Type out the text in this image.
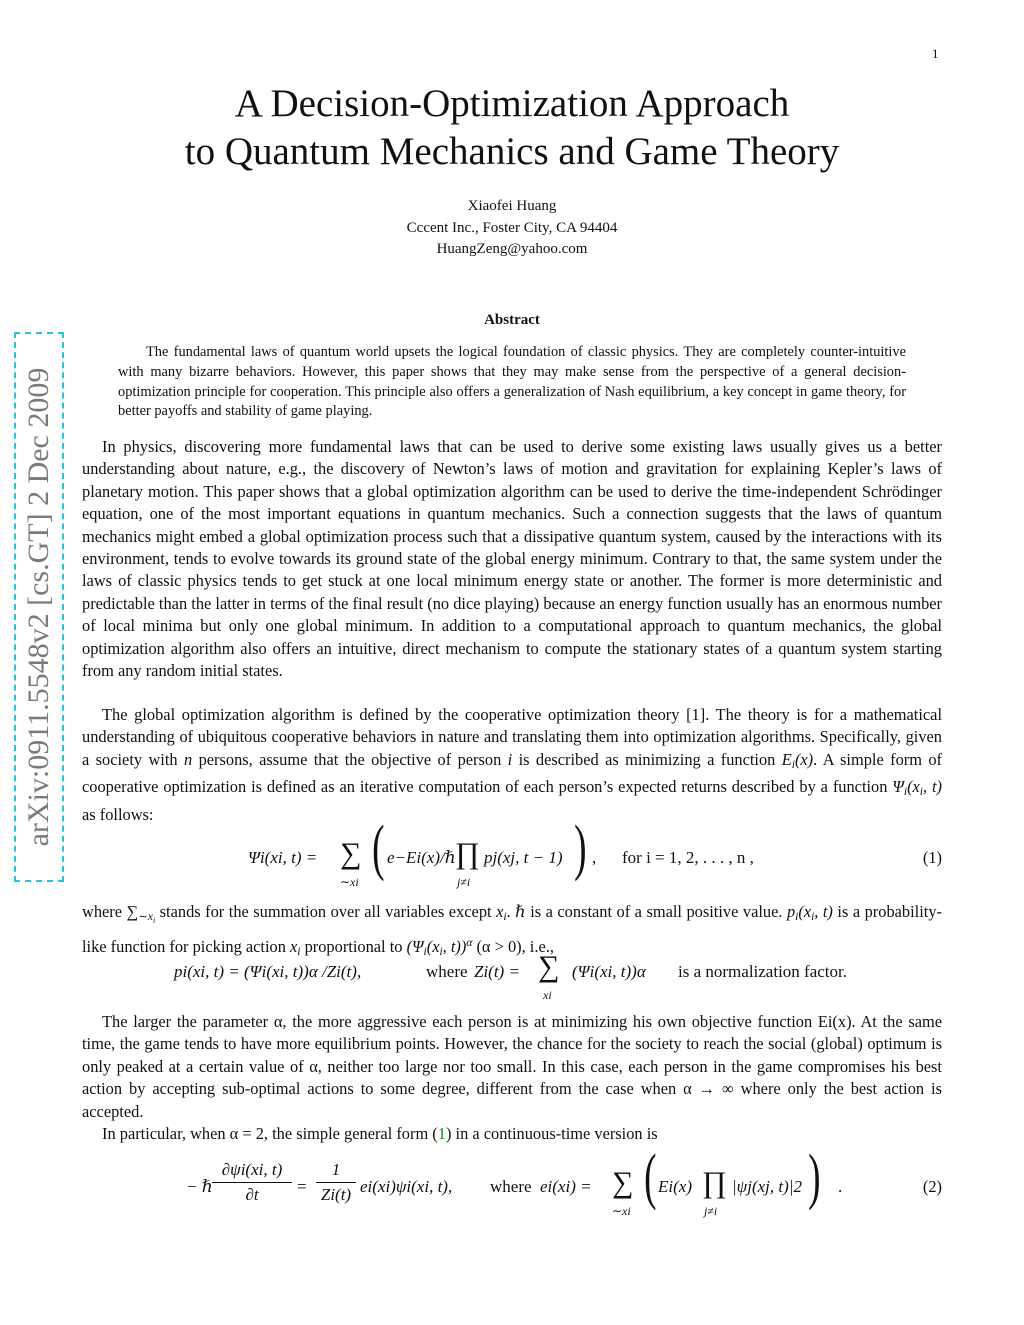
1
arXiv:0911.5548v2 [cs.GT] 2 Dec 2009
A Decision-Optimization Approach
to Quantum Mechanics and Game Theory
Xiaofei Huang
Cccent Inc., Foster City, CA 94404
HuangZeng@yahoo.com
Abstract

The fundamental laws of quantum world upsets the logical foundation of classic physics. They are completely counter-intuitive with many bizarre behaviors. However, this paper shows that they may make sense from the perspective of a general decision-optimization principle for cooperation. This principle also offers a generalization of Nash equilibrium, a key concept in game theory, for better payoffs and stability of game playing.

In physics, discovering more fundamental laws that can be used to derive some existing laws usually gives us a better understanding about nature, e.g., the discovery of Newton’s laws of motion and gravitation for explaining Kepler’s laws of planetary motion. This paper shows that a global optimization algorithm can be used to derive the time-independent Schrödinger equation, one of the most important equations in quantum mechanics. Such a connection suggests that the laws of quantum mechanics might embed a global optimization process such that a dissipative quantum system, caused by the interactions with its environment, tends to evolve towards its ground state of the global energy minimum. Contrary to that, the same system under the laws of classic physics tends to get stuck at one local minimum energy state or another. The former is more deterministic and predictable than the latter in terms of the final result (no dice playing) because an energy function usually has an enormous number of local minima but only one global minimum. In addition to a computational approach to quantum mechanics, the global optimization algorithm also offers an intuitive, direct mechanism to compute the stationary states of a quantum system starting from any random initial states.

The global optimization algorithm is defined by the cooperative optimization theory [1]. The theory is for a mathematical understanding of ubiquitous cooperative behaviors in nature and translating them into optimization algorithms. Specifically, given a society with n persons, assume that the objective of person i is described as minimizing a function $E_i(x)$. A simple form of cooperative optimization is defined as an iterative computation of each person’s expected returns described by a function $\Psi_i(x_i$, t) as follows:

Ψi(xi, t) = ∑
∼xi ( e−Ei(x)/ℏ ∏
j≠i
pj(xj, t − 1) ) , for i = 1, 2, . . . , n ,	(1)

where $\sum_{\sim x_i}$ stands for the summation over all variables except $x_i$. ℏ is a constant of a small positive value. $p_i(x_i$, t) is a probability-like function for picking action $x_i$ proportional to ($\Psi_i(x_i$, t))$^\alpha$ (α > 0), i.e.,

pi(xi, t) = (Ψi(xi, t))α /Zi(t),	where Zi(t) = ∑
xi
(Ψi(xi, t))α is a normalization factor.

The larger the parameter α, the more aggressive each person is at minimizing his own objective function Ei(x). At the same time, the game tends to have more equilibrium points. However, the chance for the society to reach the social (global) optimum is only peaked at a certain value of α, neither too large nor too small. In this case, each person in the game compromises his best action by accepting sub-optimal actions to some degree, different from the case when α → ∞ where only the best action is accepted.

In particular, when α = 2, the simple general form (1) in a continuous-time version is

− ℏ $\frac{\partial\psi i(xi, t)}{\partial t} = \frac{1}{Zi(t)} ei(xi)\psi i(xi$, t), where ei(xi) = ∑
∼xi ( Ei(x) ∏
j≠i
|ψj(xj, t)|2 ) .	(2)
